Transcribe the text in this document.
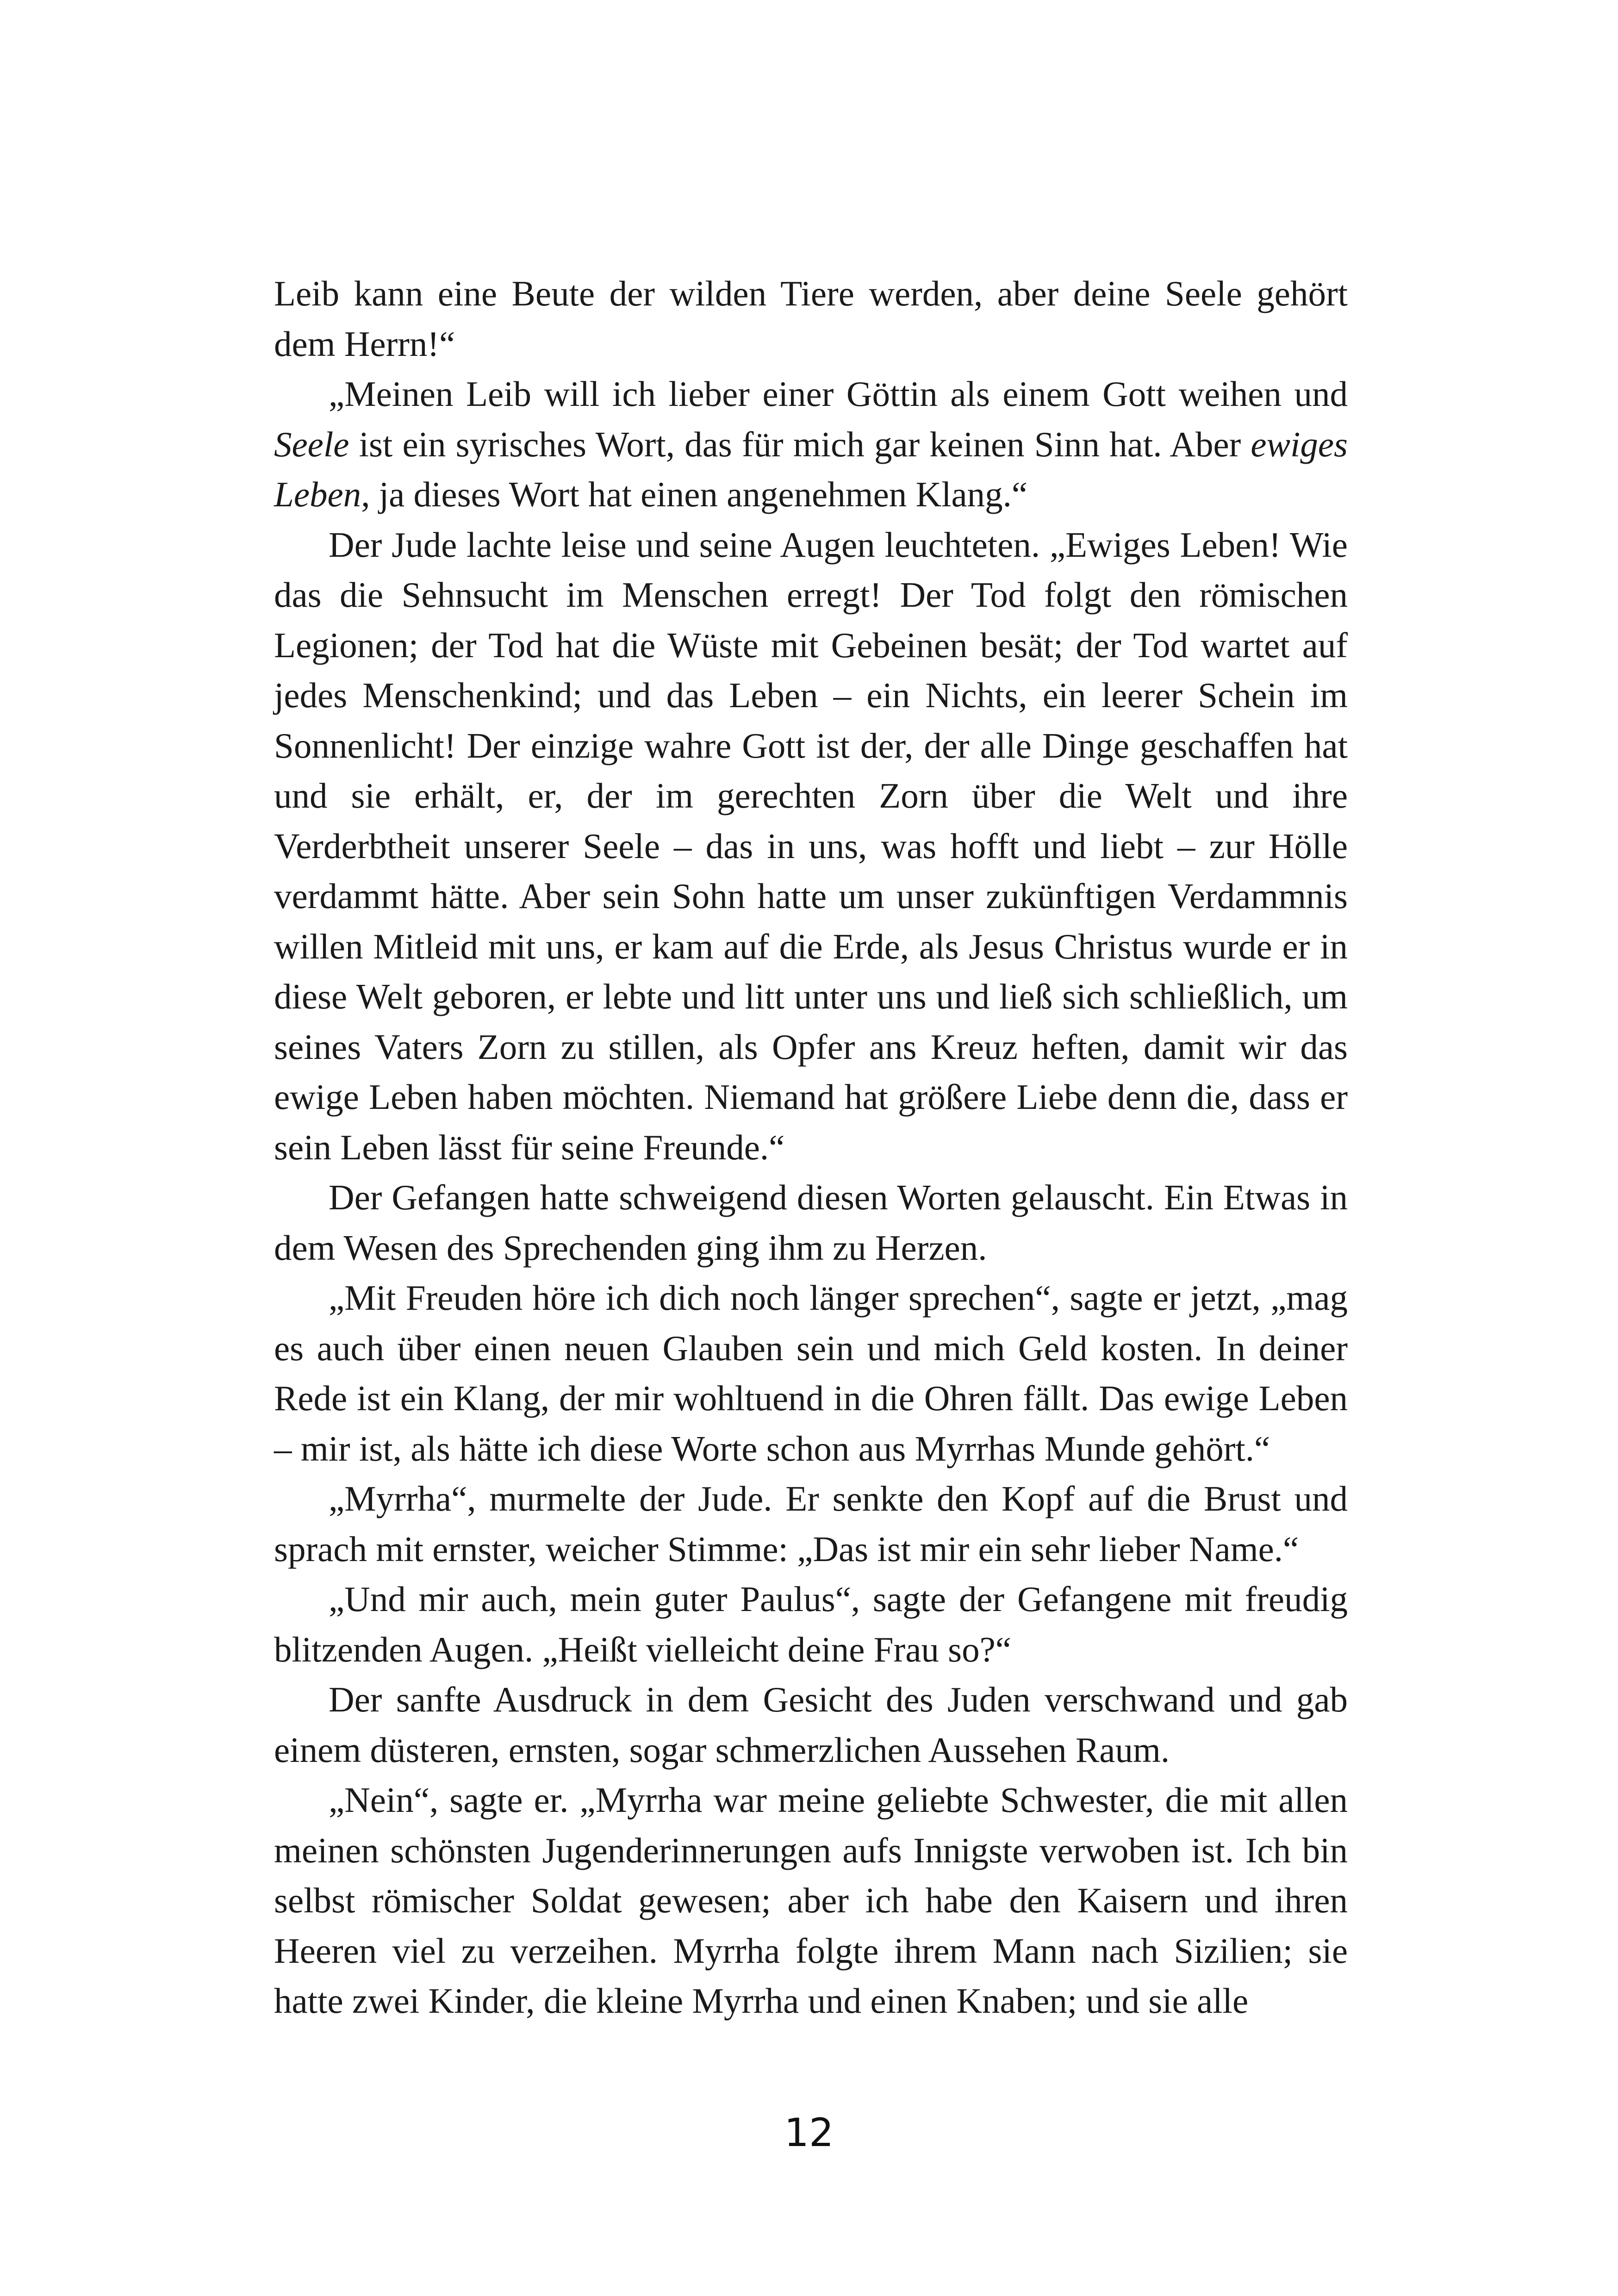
Leib kann eine Beute der wilden Tiere werden, aber deine Seele gehört dem Herrn!“

„Meinen Leib will ich lieber einer Göttin als einem Gott weihen und Seele ist ein syrisches Wort, das für mich gar keinen Sinn hat. Aber ewiges Leben, ja dieses Wort hat einen angenehmen Klang.“

Der Jude lachte leise und seine Augen leuchteten. „Ewiges Leben! Wie das die Sehnsucht im Menschen erregt! Der Tod folgt den römischen Legionen; der Tod hat die Wüste mit Gebeinen besät; der Tod wartet auf jedes Menschenkind; und das Leben – ein Nichts, ein leerer Schein im Sonnenlicht! Der einzige wahre Gott ist der, der alle Dinge geschaffen hat und sie erhält, er, der im gerechten Zorn über die Welt und ihre Verderbtheit unserer Seele – das in uns, was hofft und liebt – zur Hölle verdammt hätte. Aber sein Sohn hatte um unser zukünftigen Verdammnis willen Mitleid mit uns, er kam auf die Erde, als Jesus Christus wurde er in diese Welt geboren, er lebte und litt unter uns und ließ sich schließlich, um seines Vaters Zorn zu stillen, als Opfer ans Kreuz heften, damit wir das ewige Leben haben möchten. Niemand hat größere Liebe denn die, dass er sein Leben lässt für seine Freunde.“

Der Gefangen hatte schweigend diesen Worten gelauscht. Ein Etwas in dem Wesen des Sprechenden ging ihm zu Herzen.

„Mit Freuden höre ich dich noch länger sprechen“, sagte er jetzt, „mag es auch über einen neuen Glauben sein und mich Geld kosten. In deiner Rede ist ein Klang, der mir wohltuend in die Ohren fällt. Das ewige Leben – mir ist, als hätte ich diese Worte schon aus Myrrhas Munde gehört.“

„Myrrha“, murmelte der Jude. Er senkte den Kopf auf die Brust und sprach mit ernster, weicher Stimme: „Das ist mir ein sehr lieber Name.“

„Und mir auch, mein guter Paulus“, sagte der Gefangene mit freudig blitzenden Augen. „Heißt vielleicht deine Frau so?“

Der sanfte Ausdruck in dem Gesicht des Juden verschwand und gab einem düsteren, ernsten, sogar schmerzlichen Aussehen Raum.

„Nein“, sagte er. „Myrrha war meine geliebte Schwester, die mit allen meinen schönsten Jugenderinnerungen aufs Innigste verwoben ist. Ich bin selbst römischer Soldat gewesen; aber ich habe den Kaisern und ihren Heeren viel zu verzeihen. Myrrha folgte ihrem Mann nach Sizilien; sie hatte zwei Kinder, die kleine Myrrha und einen Knaben; und sie alle

12
